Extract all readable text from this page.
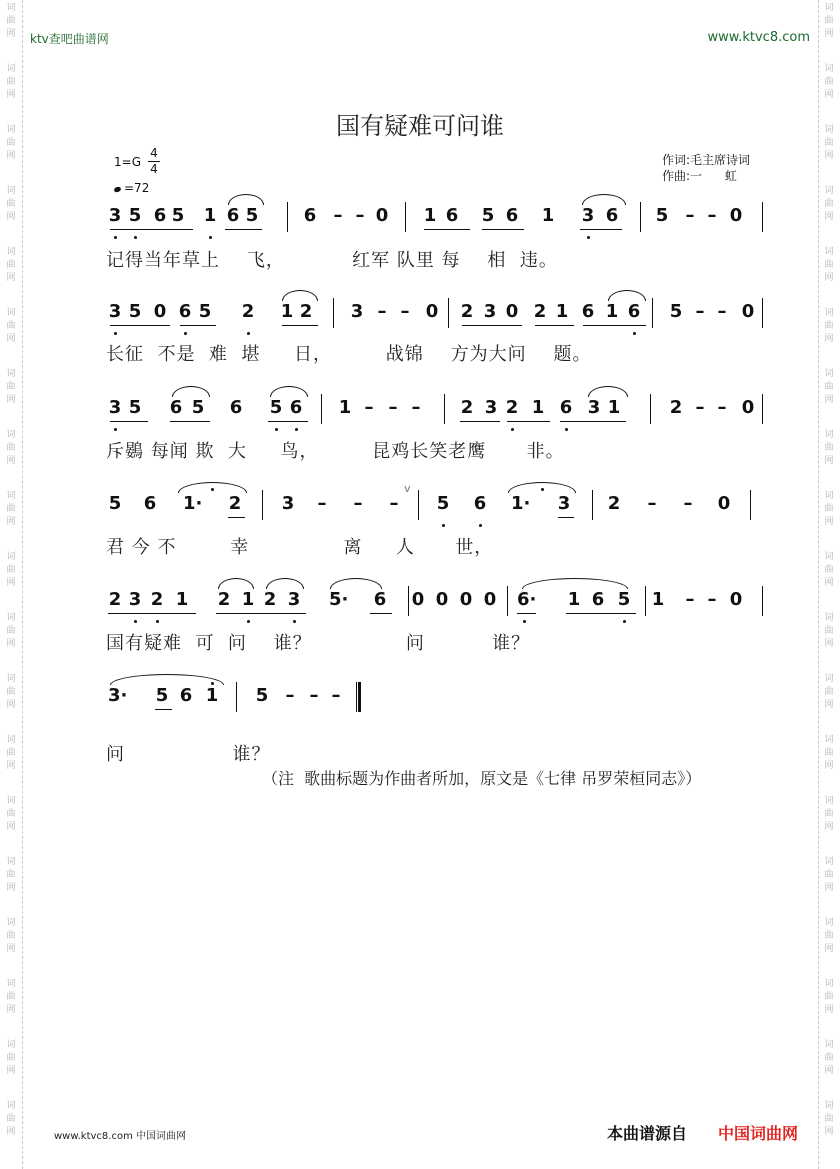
词
曲
网
词
曲
网
词
曲
网
词
曲
网
词
曲
网
词
曲
网
词
曲
网
词
曲
网
词
曲
网
词
曲
网
词
曲
网
词
曲
网
词
曲
网
词
曲
网
词
曲
网
词
曲
网
词
曲
网
词
曲
网
词
曲
网
词
曲
网
词
曲
网
词
曲
网
词
曲
网
词
曲
网
词
曲
网
词
曲
网
词
曲
网
词
曲
网
词
曲
网
词
曲
网
词
曲
网
词
曲
网
词
曲
网
词
曲
网
词
曲
网
词
曲
网
词
曲
网
词
曲
网
ktv查吧曲谱网	www.ktvc8.com
国有疑难可问谁
1=G
4
4
=72
作词:毛主席诗词
作曲:一      虹
3 5 6 5 1 6 5	6 – – 0 1 6 5 6 1 3 6 5 – – 0
记得当年草上    飞，          红军 队里 每    相  违。
3 5 0 6 5 2 1 2 3 – – 0 2 3 0 2 1 6 1 6 5 – – 0
长征  不是  难  堪     日，        战锦    方为大问    题。
3 5 6 5 6 5 6 1 – – – 2 3 2 1 6 3 1	2 – – 0
斥鷃 每闻 欺  大     鸟，        昆鸡长笑老鹰      非。
5 6 1· 2 3 – – – 5 6 1· 3 2 – – 0
君 今 不        幸              离     人      世，
2 3 2 1 2 1 2 3 5· 6 0 0 0 0 6· 1 6 5 1 – – 0
国有疑难  可  问    谁？              问          谁？
3· 5 6 1 5 – – –
问                谁？
v
（注  歌曲标题为作曲者所加，原文是《七律 吊罗荣桓同志》）
www.ktvc8.com 中国词曲网	本曲谱源自 中国词曲网
